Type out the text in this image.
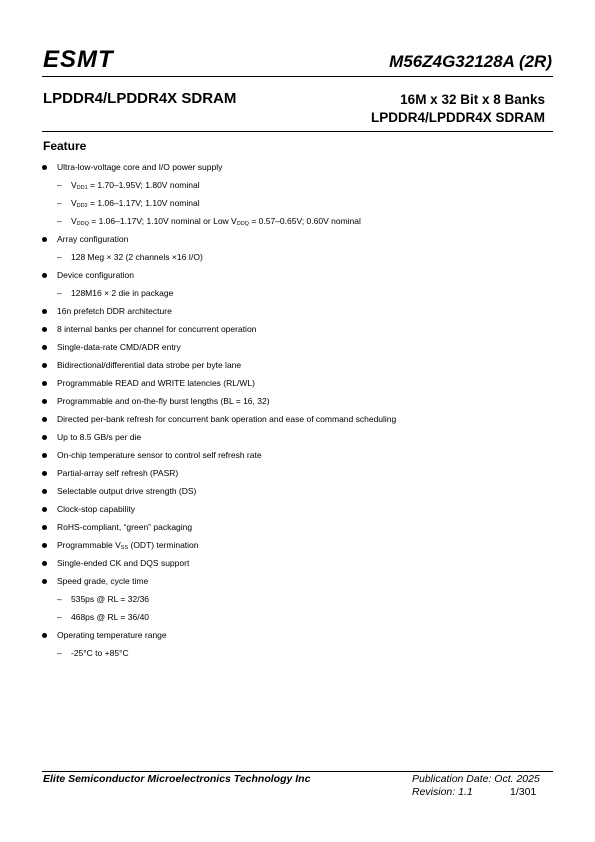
ESMT	M56Z4G32128A (2R)
LPDDR4/LPDDR4X SDRAM	16M x 32 Bit x 8 Banks
LPDDR4/LPDDR4X SDRAM
Feature
Ultra-low-voltage core and I/O power supply
– $V_{DD1} = 1.70-1.95V$; 1.80V nominal
– $V_{DD2} = 1.06-1.17V$; 1.10V nominal
– $V_{DDQ} = 1.06-1.17V$; 1.10V nominal or Low $V_{DDQ} = 0.57-0.65V$; 0.60V nominal
Array configuration
– 128 Meg × 32 (2 channels ×16 I/O)
Device configuration
– 128M16 × 2 die in package
16n prefetch DDR architecture
8 internal banks per channel for concurrent operation
Single-data-rate CMD/ADR entry
Bidirectional/differential data strobe per byte lane
Programmable READ and WRITE latencies (RL/WL)
Programmable and on-the-fly burst lengths (BL = 16, 32)
Directed per-bank refresh for concurrent bank operation and ease of command scheduling
Up to 8.5 GB/s per die
On-chip temperature sensor to control self refresh rate
Partial-array self refresh (PASR)
Selectable output drive strength (DS)
Clock-stop capability
RoHS-compliant, “green” packaging
Programmable $V_{SS}$ (ODT) termination
Single-ended CK and DQS support
Speed grade, cycle time
– 535ps @ RL = 32/36
– 468ps @ RL = 36/40
Operating temperature range
– -25°C to +85°C
Elite Semiconductor Microelectronics Technology Inc	Publication Date: Oct. 2025
Revision: 1.1	1/301
